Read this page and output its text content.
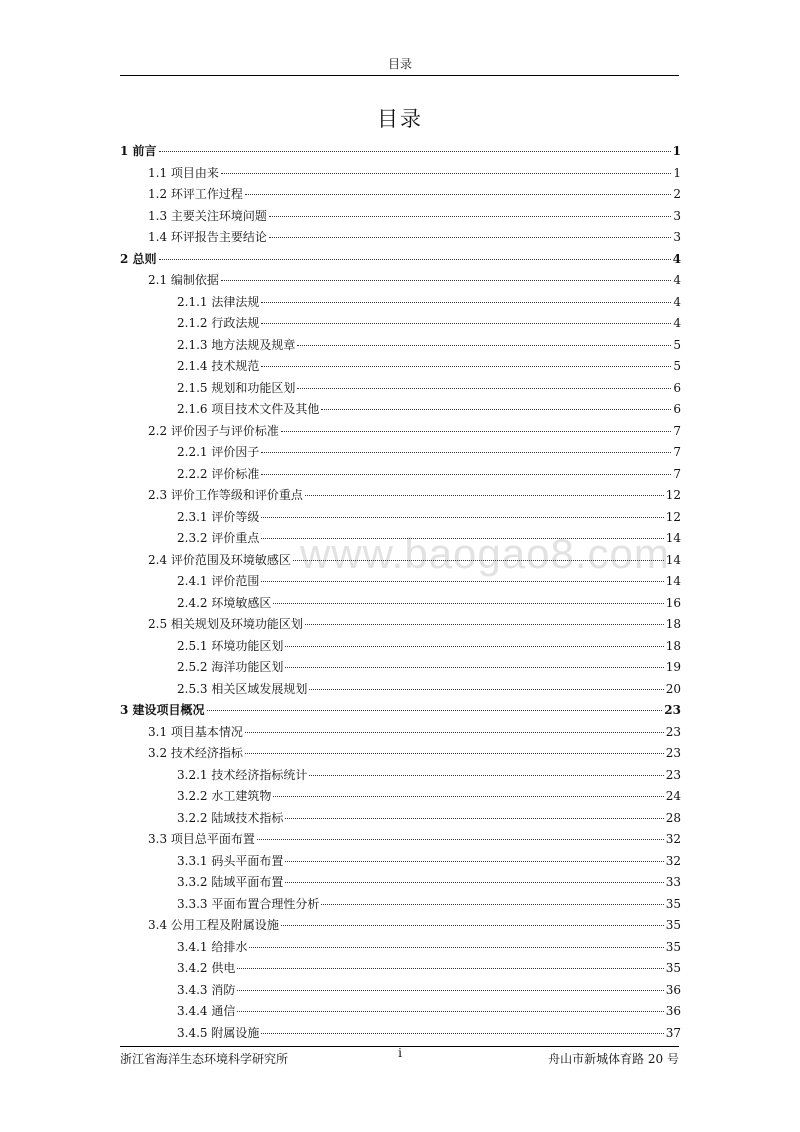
目录
目录
www.baogao8.com
1 前言	1
1.1 项目由来	1
1.2 环评工作过程	2
1.3 主要关注环境问题	3
1.4 环评报告主要结论	3
2 总则	4
2.1 编制依据	4
2.1.1 法律法规	4
2.1.2 行政法规	4
2.1.3 地方法规及规章	5
2.1.4 技术规范	5
2.1.5 规划和功能区划	6
2.1.6 项目技术文件及其他	6
2.2 评价因子与评价标准	7
2.2.1 评价因子	7
2.2.2 评价标准	7
2.3 评价工作等级和评价重点	12
2.3.1 评价等级	12
2.3.2 评价重点	14
2.4 评价范围及环境敏感区	14
2.4.1 评价范围	14
2.4.2 环境敏感区	16
2.5 相关规划及环境功能区划	18
2.5.1 环境功能区划	18
2.5.2 海洋功能区划	19
2.5.3 相关区域发展规划	20
3 建设项目概况	23
3.1 项目基本情况	23
3.2 技术经济指标	23
3.2.1 技术经济指标统计	23
3.2.2 水工建筑物	24
3.2.2 陆域技术指标	28
3.3 项目总平面布置	32
3.3.1 码头平面布置	32
3.3.2 陆域平面布置	33
3.3.3 平面布置合理性分析	35
3.4 公用工程及附属设施	35
3.4.1 给排水	35
3.4.2 供电	35
3.4.3 消防	36
3.4.4 通信	36
3.4.5 附属设施	37
浙江省海洋生态环境科学研究所	i	舟山市新城体育路 20 号
